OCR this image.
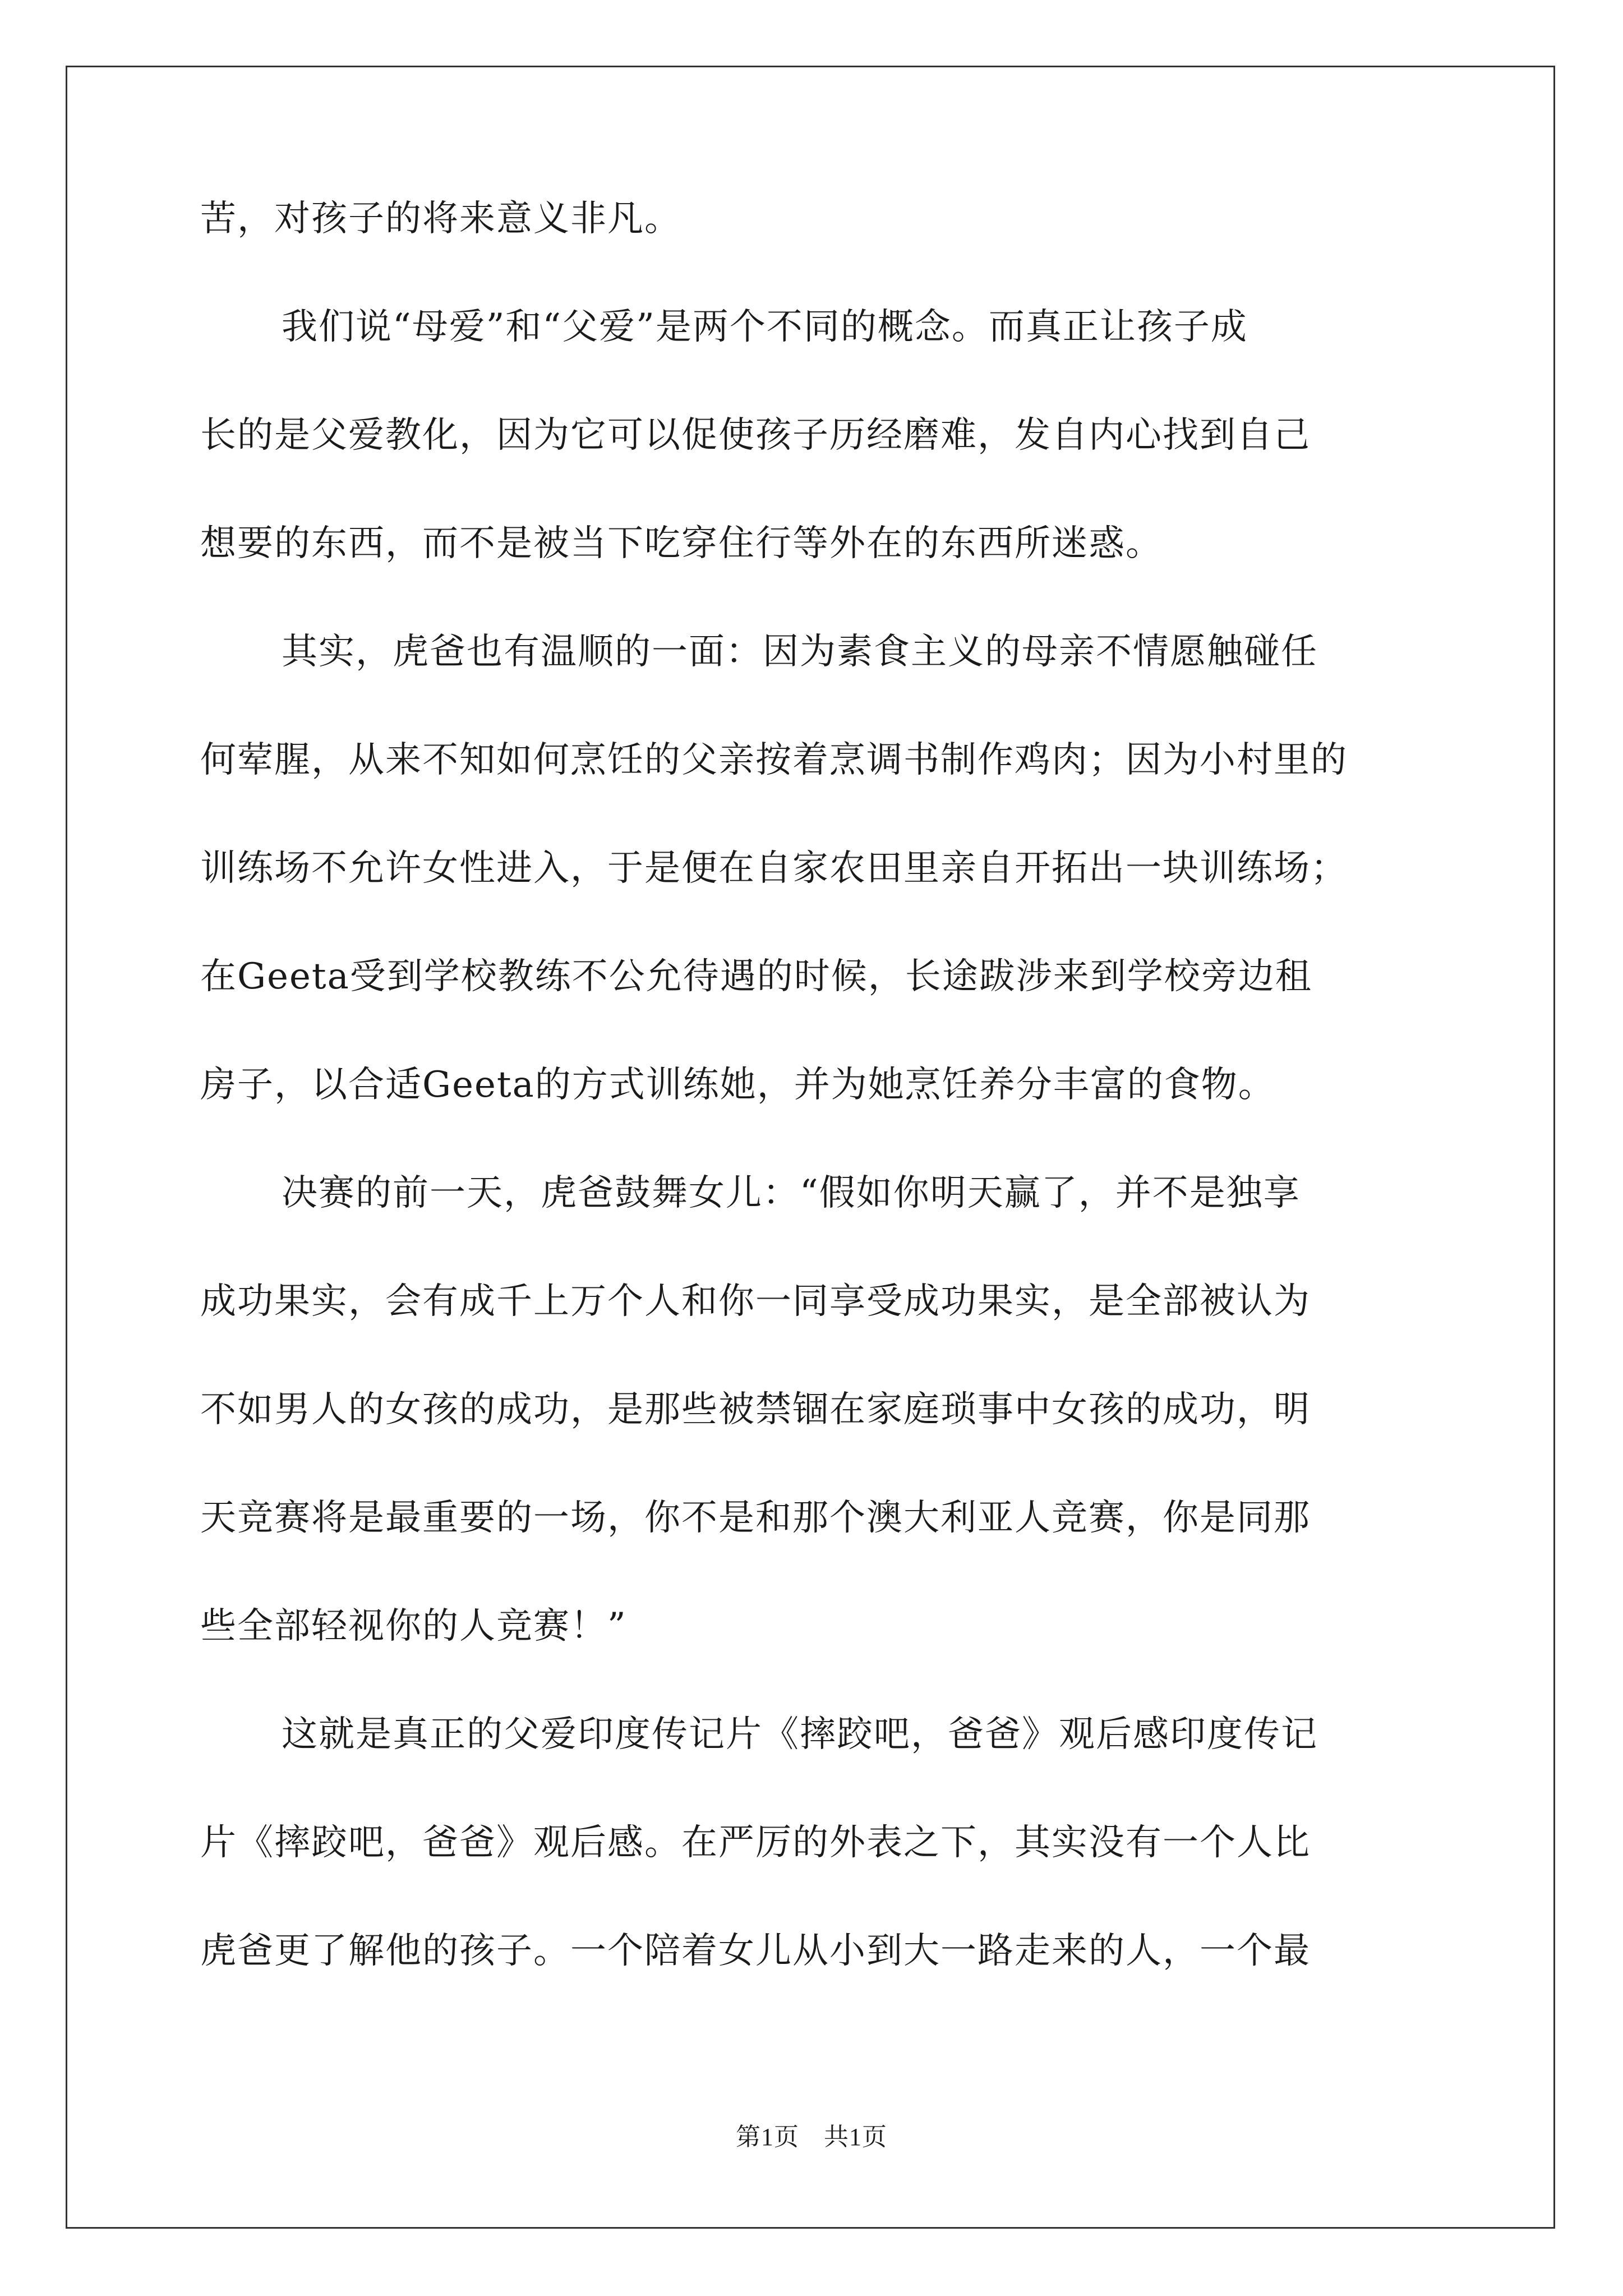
苦，对孩子的将来意义非凡。
我们说“母爱”和“父爱”是两个不同的概念。而真正让孩子成
长的是父爱教化，因为它可以促使孩子历经磨难，发自内心找到自己
想要的东西，而不是被当下吃穿住行等外在的东西所迷惑。
其实，虎爸也有温顺的一面：因为素食主义的母亲不情愿触碰任
何荤腥，从来不知如何烹饪的父亲按着烹调书制作鸡肉；因为小村里的
训练场不允许女性进入，于是便在自家农田里亲自开拓出一块训练场；
在Geeta受到学校教练不公允待遇的时候，长途跋涉来到学校旁边租
房子，以合适Geeta的方式训练她，并为她烹饪养分丰富的食物。
决赛的前一天，虎爸鼓舞女儿：“假如你明天赢了，并不是独享
成功果实，会有成千上万个人和你一同享受成功果实，是全部被认为
不如男人的女孩的成功，是那些被禁锢在家庭琐事中女孩的成功，明
天竞赛将是最重要的一场，你不是和那个澳大利亚人竞赛，你是同那
些全部轻视你的人竞赛！”
这就是真正的父爱印度传记片《摔跤吧，爸爸》观后感印度传记
片《摔跤吧，爸爸》观后感。在严厉的外表之下，其实没有一个人比
虎爸更了解他的孩子。一个陪着女儿从小到大一路走来的人，一个最
第1页 共1页
